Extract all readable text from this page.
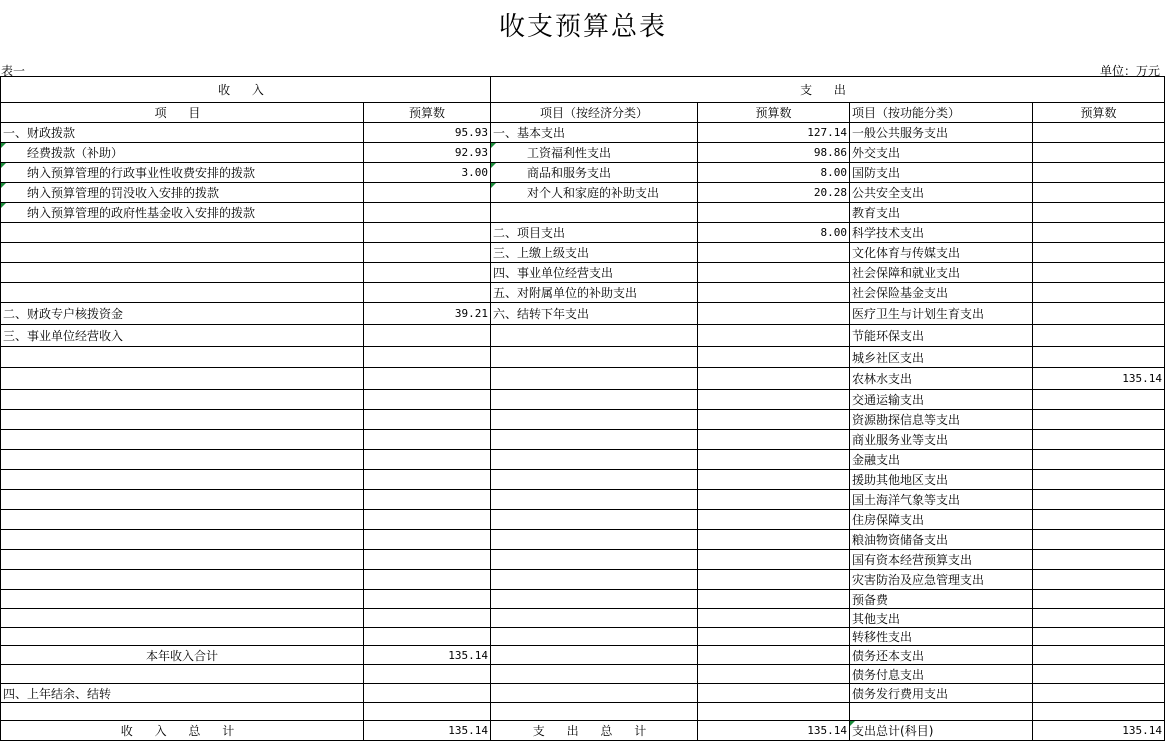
收支预算总表
表一	单位：万元
收 入		支 出			
项 目	预算数	项目（按经济分类）	预算数	项目（按功能分类）	预算数
一、财政拨款	95.93	一、基本支出	127.14	一般公共服务支出	
经费拨款（补助）	92.93	工资福利性支出	98.86	外交支出	
纳入预算管理的行政事业性收费安排的拨款	3.00	商品和服务支出	8.00	国防支出	
纳入预算管理的罚没收入安排的拨款		对个人和家庭的补助支出	20.28	公共安全支出	
纳入预算管理的政府性基金收入安排的拨款				教育支出	
		二、项目支出	8.00	科学技术支出	
		三、上缴上级支出		文化体育与传媒支出	
		四、事业单位经营支出		社会保障和就业支出	
		五、对附属单位的补助支出		社会保险基金支出	
二、财政专户核拨资金	39.21	六、结转下年支出		医疗卫生与计划生育支出	
三、事业单位经营收入				节能环保支出	
				城乡社区支出	
				农林水支出	135.14
				交通运输支出	
				资源勘探信息等支出	
				商业服务业等支出	
				金融支出	
				援助其他地区支出	
				国土海洋气象等支出	
				住房保障支出	
				粮油物资储备支出	
				国有资本经营预算支出	
				灾害防治及应急管理支出	
				预备费	
				其他支出	
				转移性支出	
本年收入合计	135.14			债务还本支出	
				债务付息支出	
四、上年结余、结转				债务发行费用支出	

收 入 总 计	135.14	支 出 总 计	135.14	支出总计(科目)	135.14
